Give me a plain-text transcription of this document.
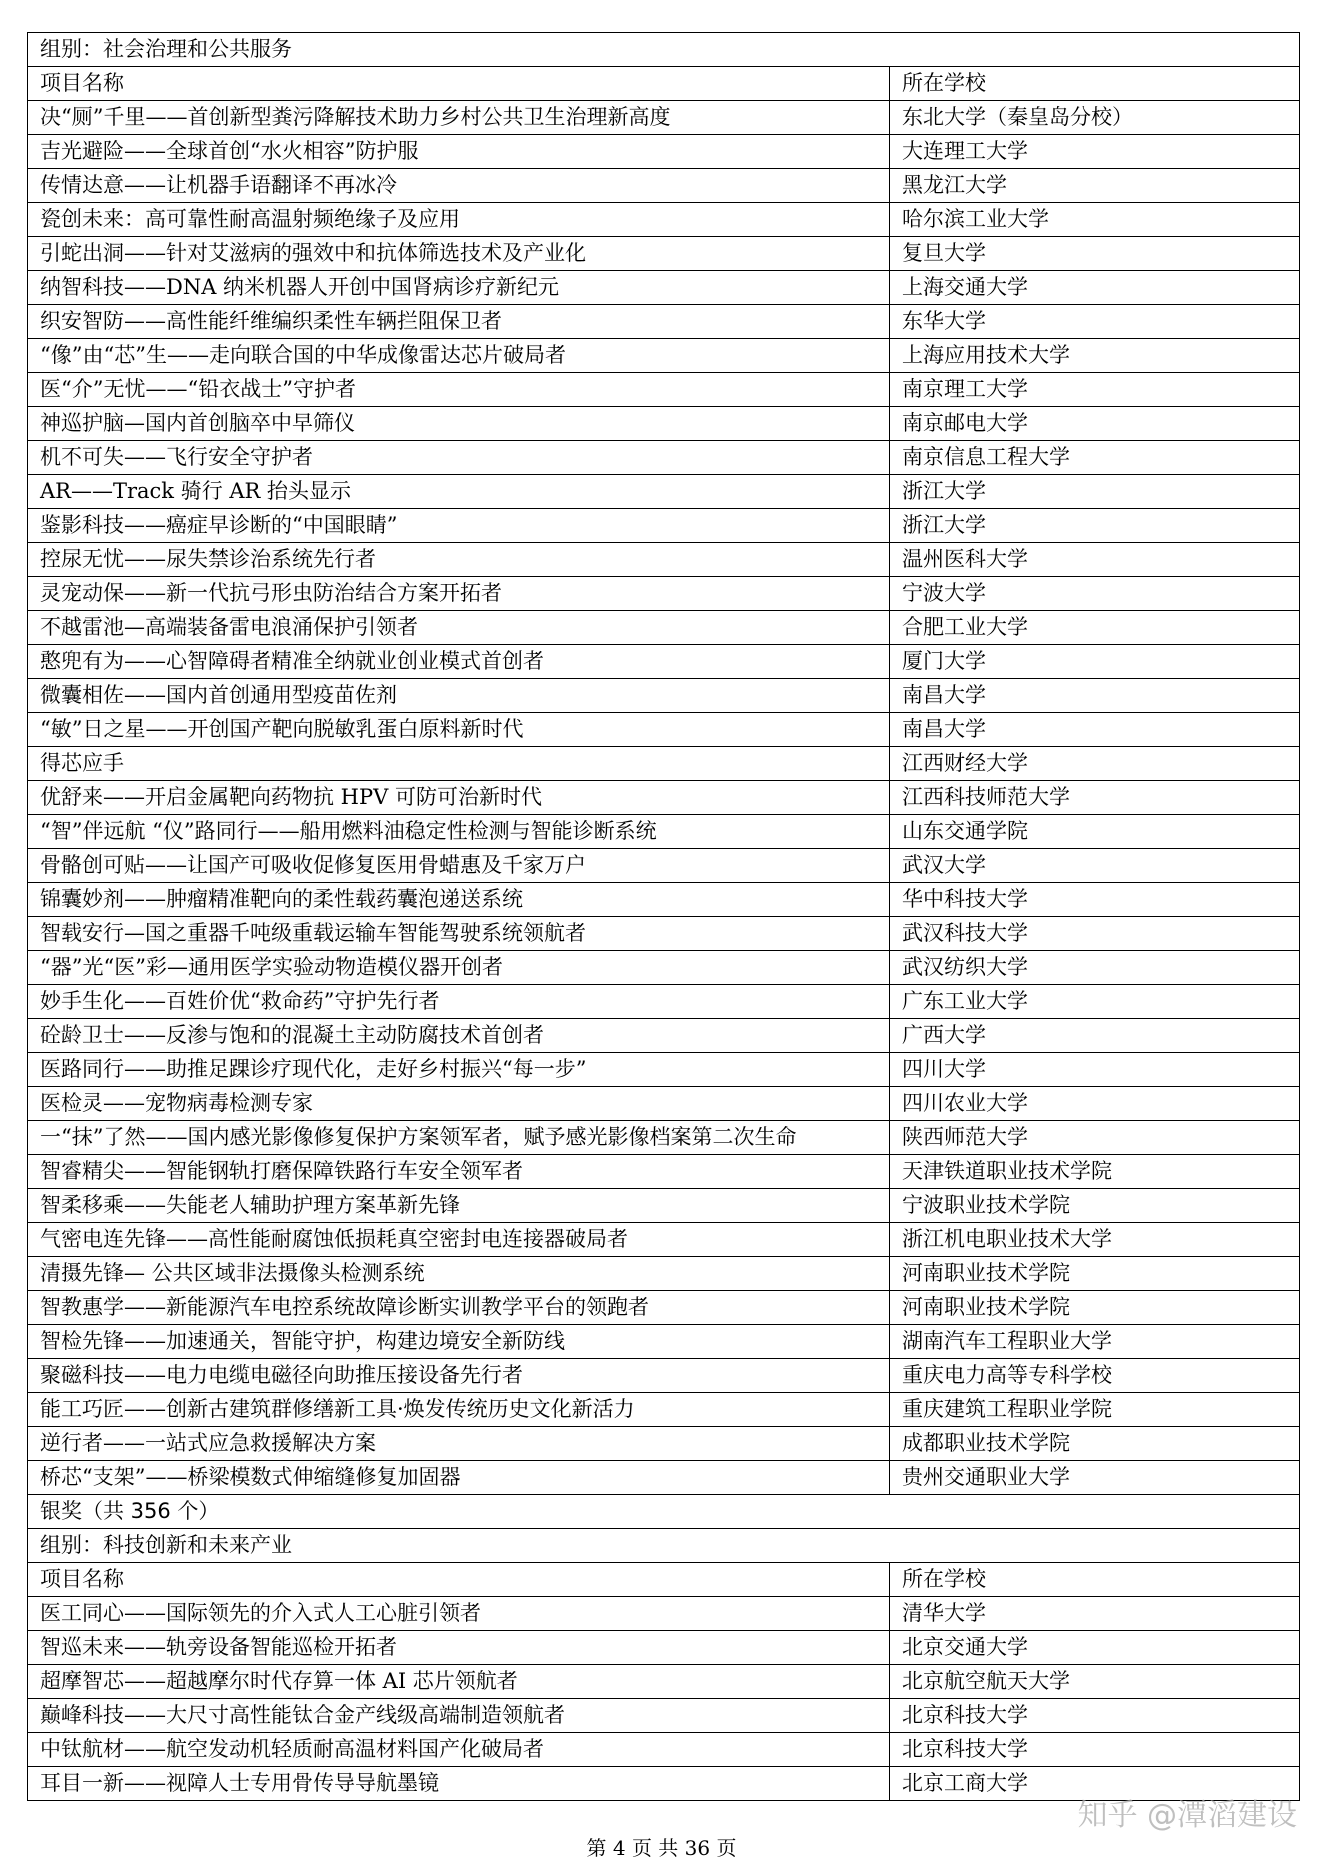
组别：社会治理和公共服务	
项目名称	所在学校
决“厕”千里——首创新型粪污降解技术助力乡村公共卫生治理新高度	东北大学（秦皇岛分校）
吉光避险——全球首创“水火相容”防护服	大连理工大学
传情达意——让机器手语翻译不再冰冷	黑龙江大学
瓷创未来：高可靠性耐高温射频绝缘子及应用	哈尔滨工业大学
引蛇出洞——针对艾滋病的强效中和抗体筛选技术及产业化	复旦大学
纳智科技——DNA 纳米机器人开创中国肾病诊疗新纪元	上海交通大学
织安智防——高性能纤维编织柔性车辆拦阻保卫者	东华大学
“像”由“芯”生——走向联合国的中华成像雷达芯片破局者	上海应用技术大学
医“介”无忧——“铅衣战士”守护者	南京理工大学
神巡护脑—国内首创脑卒中早筛仪	南京邮电大学
机不可失——飞行安全守护者	南京信息工程大学
AR——Track 骑行 AR 抬头显示	浙江大学
鉴影科技——癌症早诊断的“中国眼睛”	浙江大学
控尿无忧——尿失禁诊治系统先行者	温州医科大学
灵宠动保——新一代抗弓形虫防治结合方案开拓者	宁波大学
不越雷池—高端装备雷电浪涌保护引领者	合肥工业大学
憨兜有为——心智障碍者精准全纳就业创业模式首创者	厦门大学
微囊相佐——国内首创通用型疫苗佐剂	南昌大学
“敏”日之星——开创国产靶向脱敏乳蛋白原料新时代	南昌大学
得芯应手	江西财经大学
优舒来——开启金属靶向药物抗 HPV 可防可治新时代	江西科技师范大学
“智”伴远航 “仪”路同行——船用燃料油稳定性检测与智能诊断系统	山东交通学院
骨骼创可贴——让国产可吸收促修复医用骨蜡惠及千家万户	武汉大学
锦囊妙剂——肿瘤精准靶向的柔性载药囊泡递送系统	华中科技大学
智载安行—国之重器千吨级重载运输车智能驾驶系统领航者	武汉科技大学
“器”光“医”彩—通用医学实验动物造模仪器开创者	武汉纺织大学
妙手生化——百姓价优“救命药”守护先行者	广东工业大学
砼龄卫士——反渗与饱和的混凝土主动防腐技术首创者	广西大学
医路同行——助推足踝诊疗现代化，走好乡村振兴“每一步”	四川大学
医检灵——宠物病毒检测专家	四川农业大学
一“抹”了然——国内感光影像修复保护方案领军者，赋予感光影像档案第二次生命	陕西师范大学
智睿精尖——智能钢轨打磨保障铁路行车安全领军者	天津铁道职业技术学院
智柔移乘——失能老人辅助护理方案革新先锋	宁波职业技术学院
气密电连先锋——高性能耐腐蚀低损耗真空密封电连接器破局者	浙江机电职业技术大学
清摄先锋— 公共区域非法摄像头检测系统	河南职业技术学院
智教惠学——新能源汽车电控系统故障诊断实训教学平台的领跑者	河南职业技术学院
智检先锋——加速通关，智能守护，构建边境安全新防线	湖南汽车工程职业大学
聚磁科技——电力电缆电磁径向助推压接设备先行者	重庆电力高等专科学校
能工巧匠——创新古建筑群修缮新工具·焕发传统历史文化新活力	重庆建筑工程职业学院
逆行者——一站式应急救援解决方案	成都职业技术学院
桥芯“支架”——桥梁模数式伸缩缝修复加固器	贵州交通职业大学
银奖（共 356 个）	
组别：科技创新和未来产业	
项目名称	所在学校
医工同心——国际领先的介入式人工心脏引领者	清华大学
智巡未来——轨旁设备智能巡检开拓者	北京交通大学
超摩智芯——超越摩尔时代存算一体 AI 芯片领航者	北京航空航天大学
巅峰科技——大尺寸高性能钛合金产线级高端制造领航者	北京科技大学
中钛航材——航空发动机轻质耐高温材料国产化破局者	北京科技大学
耳目一新——视障人士专用骨传导导航墨镜	北京工商大学
第 4 页 共 36 页
知乎 @潭滔建设
